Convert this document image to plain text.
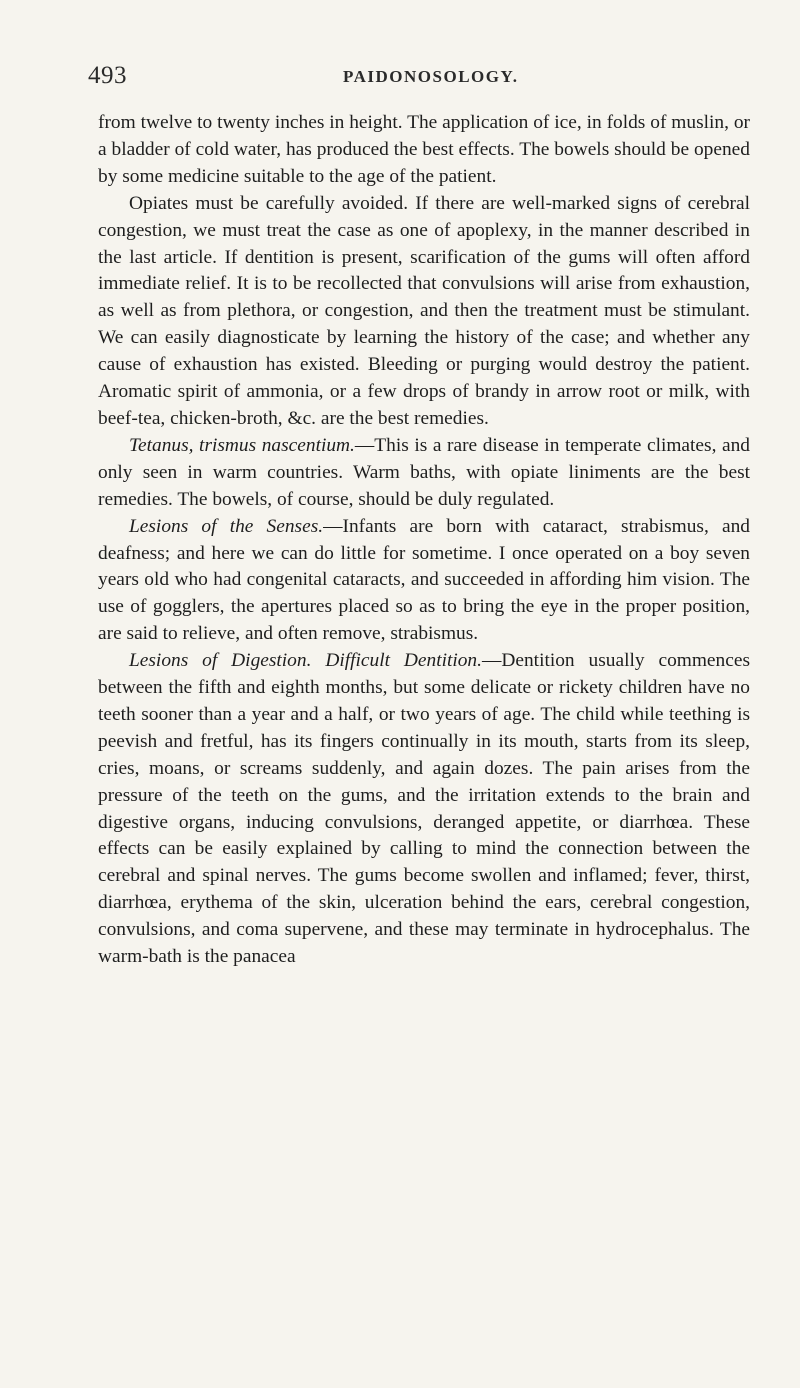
493	PAIDONOSOLOGY.

from twelve to twenty inches in height. The application of ice, in folds of muslin, or a bladder of cold water, has produced the best effects. The bowels should be opened by some medicine suitable to the age of the patient.

Opiates must be carefully avoided. If there are well-marked signs of cerebral congestion, we must treat the case as one of apoplexy, in the manner described in the last article. If dentition is present, scarification of the gums will often afford immediate relief. It is to be recollected that convulsions will arise from exhaustion, as well as from plethora, or congestion, and then the treatment must be stimulant. We can easily diagnosticate by learning the history of the case; and whether any cause of exhaustion has existed. Bleeding or purging would destroy the patient. Aromatic spirit of ammonia, or a few drops of brandy in arrow root or milk, with beef-tea, chicken-broth, &c. are the best remedies.

Tetanus, trismus nascentium.—This is a rare disease in temperate climates, and only seen in warm countries. Warm baths, with opiate liniments are the best remedies. The bowels, of course, should be duly regulated.

Lesions of the Senses.—Infants are born with cataract, strabismus, and deafness; and here we can do little for sometime. I once operated on a boy seven years old who had congenital cataracts, and succeeded in affording him vision. The use of gogglers, the apertures placed so as to bring the eye in the proper position, are said to relieve, and often remove, strabismus.

Lesions of Digestion. Difficult Dentition.—Dentition usually commences between the fifth and eighth months, but some delicate or rickety children have no teeth sooner than a year and a half, or two years of age. The child while teething is peevish and fretful, has its fingers continually in its mouth, starts from its sleep, cries, moans, or screams suddenly, and again dozes. The pain arises from the pressure of the teeth on the gums, and the irritation extends to the brain and digestive organs, inducing convulsions, deranged appetite, or diarrhœa. These effects can be easily explained by calling to mind the connection between the cerebral and spinal nerves. The gums become swollen and inflamed; fever, thirst, diarrhœa, erythema of the skin, ulceration behind the ears, cerebral congestion, convulsions, and coma supervene, and these may terminate in hydrocephalus. The warm-bath is the panacea
